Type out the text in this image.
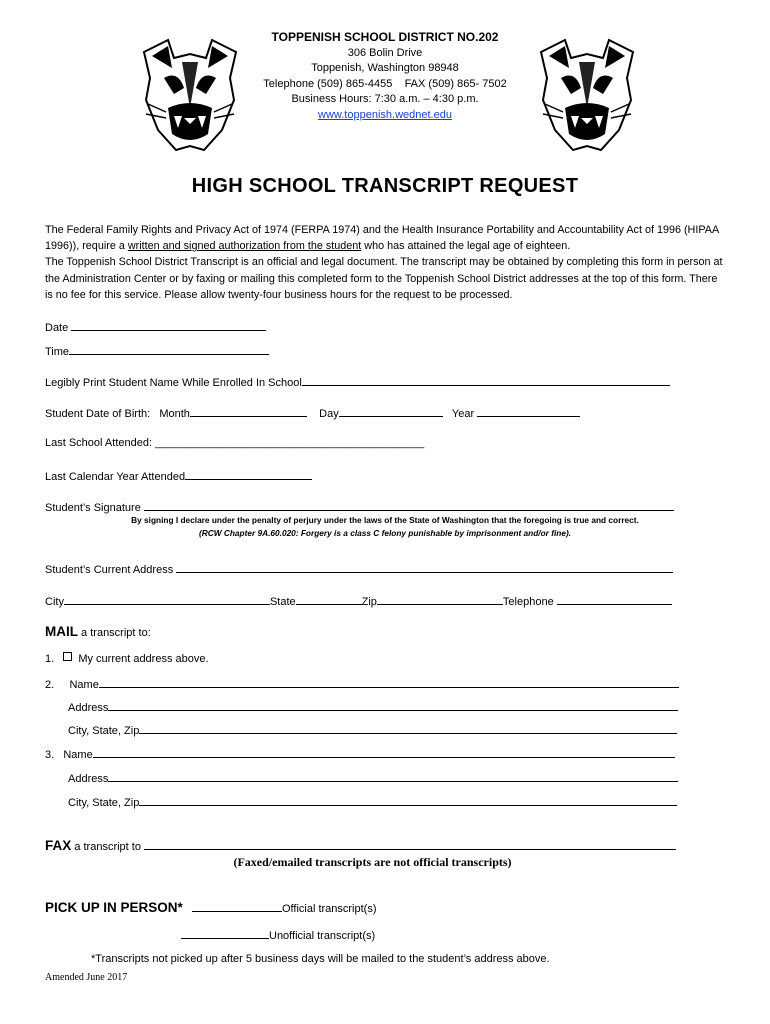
TOPPENISH SCHOOL DISTRICT NO.202
306 Bolin Drive
Toppenish, Washington 98948
Telephone (509) 865-4455    FAX (509) 865- 7502
Business Hours: 7:30 a.m. – 4:30 p.m.
www.toppenish.wednet.edu
HIGH SCHOOL TRANSCRIPT REQUEST

The Federal Family Rights and Privacy Act of 1974 (FERPA 1974) and the Health Insurance Portability and Accountability Act of 1996 (HIPAA 1996)), require a written and signed authorization from the student who has attained the legal age of eighteen.

The Toppenish School District Transcript is an official and legal document. The transcript may be obtained by completing this form in person at the Administration Center or by faxing or mailing this completed form to the Toppenish School District addresses at the top of this form. There is no fee for this service. Please allow twenty-four business hours for the request to be processed.

Date
Time
Legibly Print Student Name While Enrolled In School
Student Date of Birth: Month	Day	Year
Last School Attended: ____________________________________________
Last Calendar Year Attended
Student’s Signature
By signing I declare under the penalty of perjury under the laws of the State of Washington that the foregoing is true and correct.
(RCW Chapter 9A.60.020: Forgery is a class C felony punishable by imprisonment and/or fine).
Student’s Current Address
City	State	Zip	Telephone
MAIL a transcript to:
1. My current address above.
2. Name
Address
City, State, Zip
3. Name
Address
City, State, Zip
FAX a transcript to
(Faxed/emailed transcripts are not official transcripts)
PICK UP IN PERSON*	Official transcript(s)
Unofficial transcript(s)
*Transcripts not picked up after 5 business days will be mailed to the student’s address above.
Amended June 2017
